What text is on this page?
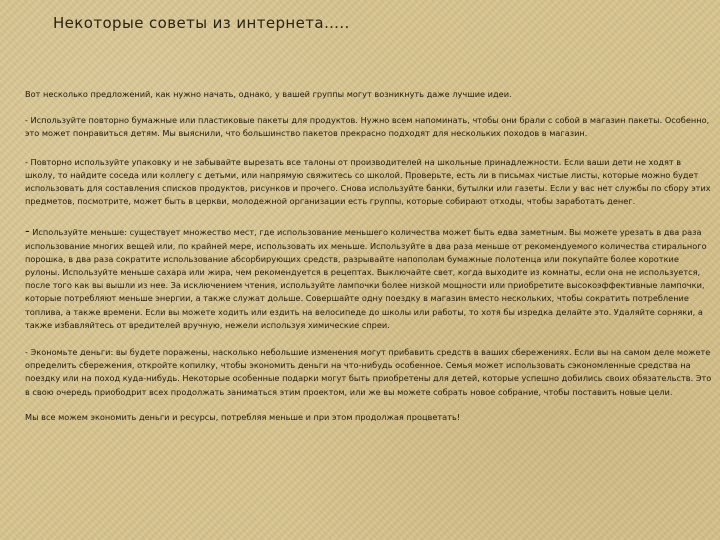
Некоторые советы из интернета…..

Вот несколько предложений, как нужно начать, однако, у вашей группы могут возникнуть даже лучшие идеи.

- Используйте повторно бумажные или пластиковые пакеты для продуктов. Нужно всем напоминать, чтобы они брали с собой в магазин пакеты. Особенно, это может понравиться детям. Мы выяснили, что большинство пакетов прекрасно подходят для нескольких походов в магазин.

- Повторно используйте упаковку и не забывайте вырезать все талоны от производителей на школьные принадлежности. Если ваши дети не ходят в школу, то найдите соседа или коллегу с детьми, или напрямую свяжитесь со школой. Проверьте, есть ли в письмах чистые листы, которые можно будет использовать для составления списков продуктов, рисунков и прочего. Снова используйте банки, бутылки или газеты. Если у вас нет службы по сбору этих предметов, посмотрите, может быть в церкви, молодежной организации есть группы, которые собирают отходы, чтобы заработать денег.

- Используйте меньше: существует множество мест, где использование меньшего количества может быть едва заметным. Вы можете урезать в два раза использование многих вещей или, по крайней мере, использовать их меньше. Используйте в два раза меньше от рекомендуемого количества стирального порошка, в два раза сократите использование абсорбирующих средств, разрывайте напополам бумажные полотенца или покупайте более короткие рулоны. Используйте меньше сахара или жира, чем рекомендуется в рецептах. Выключайте свет, когда выходите из комнаты, если она не используется, после того как вы вышли из нее. За исключением чтения, используйте лампочки более низкой мощности или приобретите высокоэффективные лампочки, которые потребляют меньше энергии, а также служат дольше. Совершайте одну поездку в магазин вместо нескольких, чтобы сократить потребление топлива, а также времени. Если вы можете ходить или ездить на велосипеде до школы или работы, то хотя бы изредка делайте это. Удаляйте сорняки, а также избавляйтесь от вредителей вручную, нежели используя химические спреи.

- Экономьте деньги: вы будете поражены, насколько небольшие изменения могут прибавить средств в ваших сбережениях. Если вы на самом деле можете определить сбережения, откройте копилку, чтобы экономить деньги на что-нибудь особенное. Семья может использовать сэкономленные средства на поездку или на поход куда-нибудь. Некоторые особенные подарки могут быть приобретены для детей, которые успешно добились своих обязательств. Это в свою очередь приободрит всех продолжать заниматься этим проектом, или же вы можете собрать новое собрание, чтобы поставить новые цели.

Мы все можем экономить деньги и ресурсы, потребляя меньше и при этом продолжая процветать!
